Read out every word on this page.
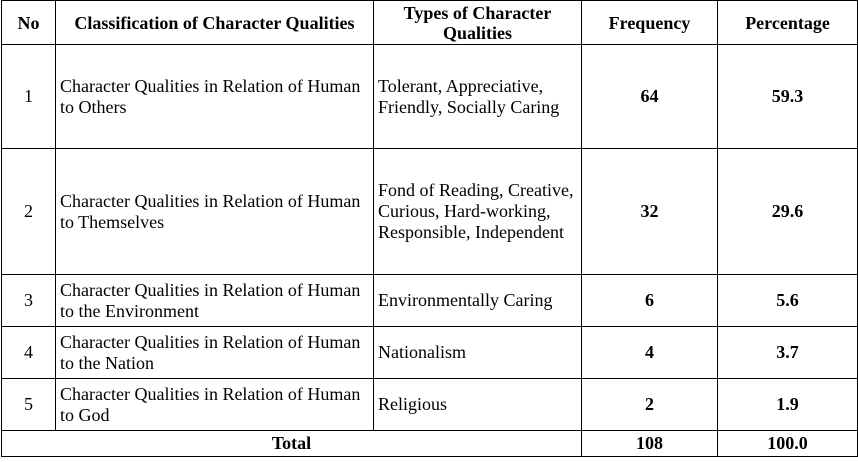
No	Classification of Character Qualities	Types of Character Qualities	Frequency	Percentage
1	Character Qualities in Relation of Human to Others	Tolerant, Appreciative, Friendly, Socially Caring	64	59.3
2	Character Qualities in Relation of Human to Themselves	Fond of Reading, Creative, Curious, Hard-working, Responsible, Independent	32	29.6
3	Character Qualities in Relation of Human to the Environment	Environmentally Caring	6	5.6
4	Character Qualities in Relation of Human to the Nation	Nationalism	4	3.7
5	Character Qualities in Relation of Human to God	Religious	2	1.9
Total			108	100.0
